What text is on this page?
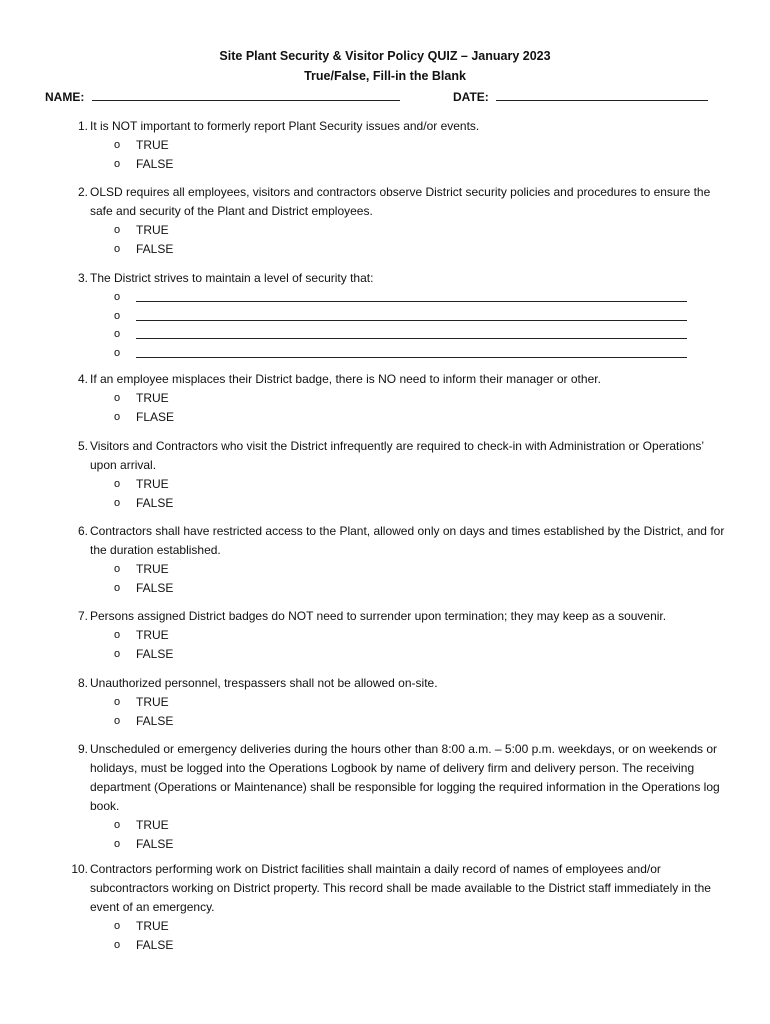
Site Plant Security & Visitor Policy QUIZ – January 2023
True/False, Fill-in the Blank
NAME:	DATE:
1. It is NOT important to formerly report Plant Security issues and/or events.
o TRUE
o FALSE
2. OLSD requires all employees, visitors and contractors observe District security policies and procedures to ensure the safe and security of the Plant and District employees.
o TRUE
o FALSE
3. The District strives to maintain a level of security that:
o
o
o
o
4. If an employee misplaces their District badge, there is NO need to inform their manager or other.
o TRUE
o FLASE
5. Visitors and Contractors who visit the District infrequently are required to check-in with Administration or Operations’ upon arrival.
o TRUE
o FALSE
6. Contractors shall have restricted access to the Plant, allowed only on days and times established by the District, and for the duration established.
o TRUE
o FALSE
7. Persons assigned District badges do NOT need to surrender upon termination; they may keep as a souvenir.
o TRUE
o FALSE
8. Unauthorized personnel, trespassers shall not be allowed on-site.
o TRUE
o FALSE
9. Unscheduled or emergency deliveries during the hours other than 8:00 a.m. – 5:00 p.m. weekdays, or on weekends or holidays, must be logged into the Operations Logbook by name of delivery firm and delivery person. The receiving department (Operations or Maintenance) shall be responsible for logging the required information in the Operations log book.
o TRUE
o FALSE
10. Contractors performing work on District facilities shall maintain a daily record of names of employees and/or subcontractors working on District property. This record shall be made available to the District staff immediately in the event of an emergency.
o TRUE
o FALSE
